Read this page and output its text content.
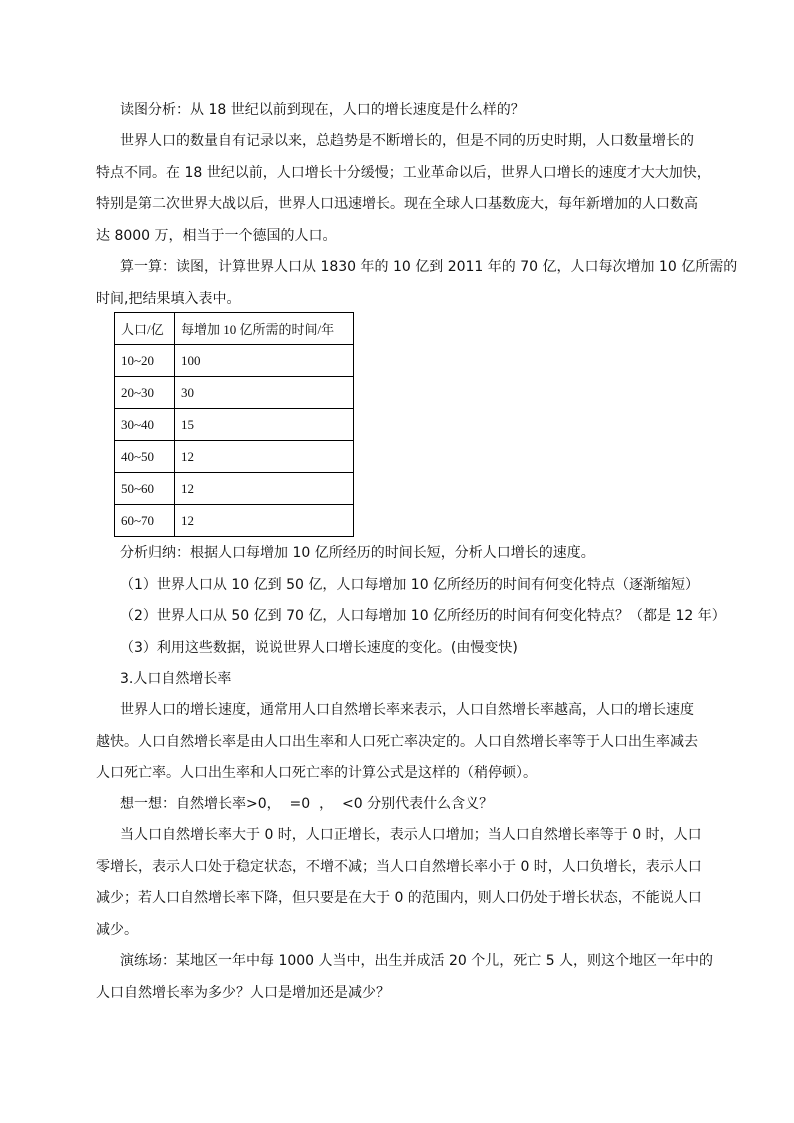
读图分析：从 18 世纪以前到现在，人口的增长速度是什么样的？

世界人口的数量自有记录以来，总趋势是不断增长的，但是不同的历史时期，人口数量增长的
特点不同。在 18 世纪以前，人口增长十分缓慢；工业革命以后，世界人口增长的速度才大大加快，
特别是第二次世界大战以后，世界人口迅速增长。现在全球人口基数庞大，每年新增加的人口数高
达 8000 万，相当于一个德国的人口。
算一算：读图，计算世界人口从 1830 年的 10 亿到 2011 年的 70 亿，人口每次增加 10 亿所需的
时间,把结果填入表中。
人口/亿	每增加 10 亿所需的时间/年
10~20	100
20~30	30
30~40	15
40~50	12
50~60	12
60~70	12
分析归纳：根据人口每增加 10 亿所经历的时间长短，分析人口增长的速度。
（1）世界人口从 10 亿到 50 亿，人口每增加 10 亿所经历的时间有何变化特点（逐渐缩短）
（2）世界人口从 50 亿到 70 亿，人口每增加 10 亿所经历的时间有何变化特点？（都是 12 年）
（3）利用这些数据，说说世界人口增长速度的变化。(由慢变快)

3.人口自然增长率

世界人口的增长速度，通常用人口自然增长率来表示，人口自然增长率越高，人口的增长速度
越快。人口自然增长率是由人口出生率和人口死亡率决定的。人口自然增长率等于人口出生率减去
人口死亡率。人口出生率和人口死亡率的计算公式是这样的（稍停顿）。

想一想：自然增长率>0，  =0  ，  <0 分别代表什么含义？

当人口自然增长率大于 0 时，人口正增长，表示人口增加；当人口自然增长率等于 0 时，人口
零增长，表示人口处于稳定状态，不增不减；当人口自然增长率小于 0 时，人口负增长，表示人口
减少；若人口自然增长率下降，但只要是在大于 0 的范围内，则人口仍处于增长状态，不能说人口
减少。
演练场：某地区一年中每 1000 人当中，出生并成活 20 个儿，死亡 5 人，则这个地区一年中的
人口自然增长率为多少？人口是增加还是减少？
